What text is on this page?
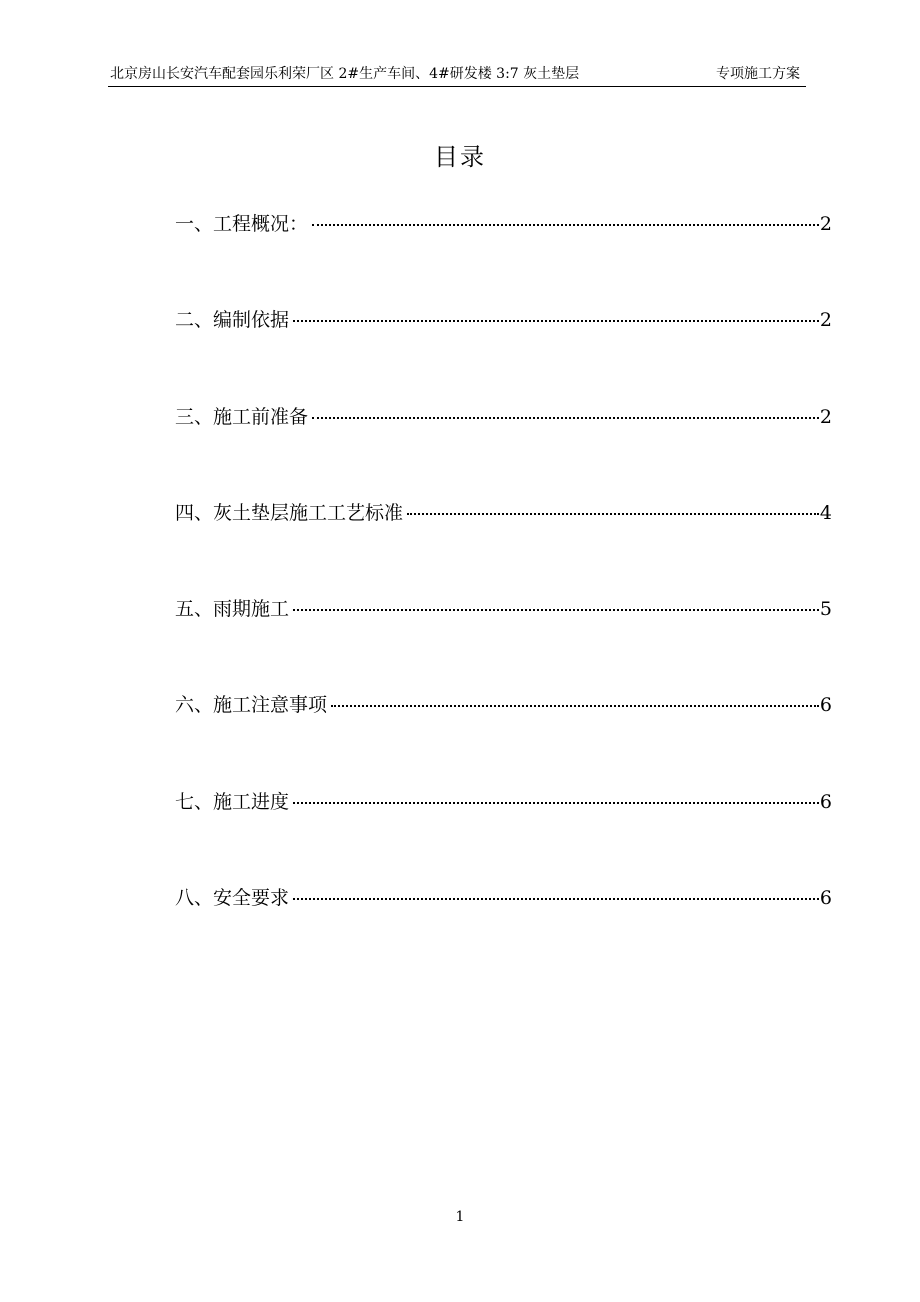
北京房山长安汽车配套园乐利荣厂区 2#生产车间、4#研发楼 3:7 灰土垫层	专项施工方案
目录
一、工程概况：	2
二、编制依据	2
三、施工前准备	2
四、灰土垫层施工工艺标准	4
五、雨期施工	5
六、施工注意事项	6
七、施工进度	6
八、安全要求	6
1
